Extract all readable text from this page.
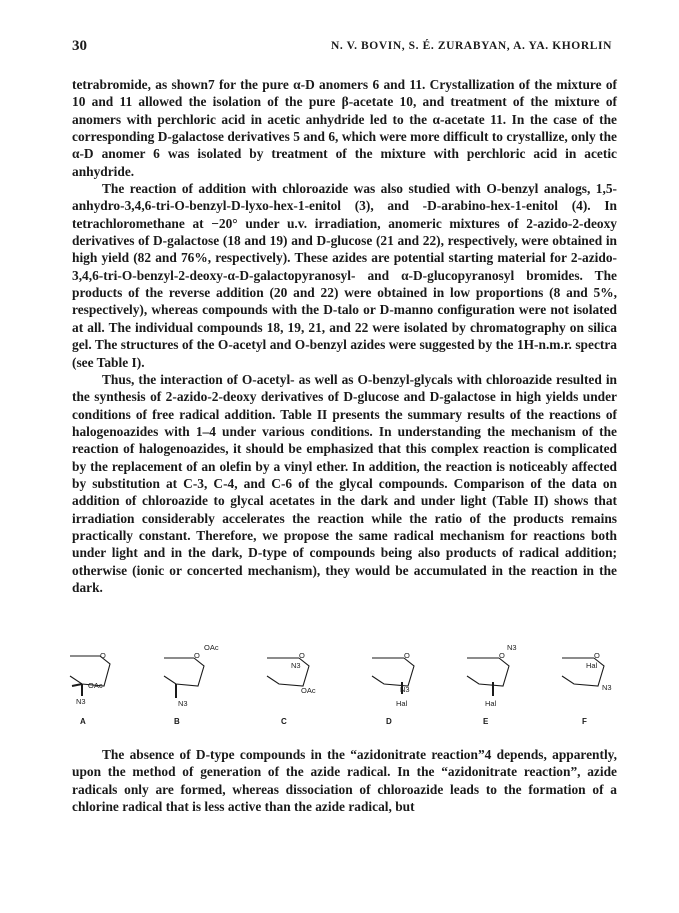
30	N. V. BOVIN, S. É. ZURABYAN, A. YA. KHORLIN

tetrabromide, as shown7 for the pure α-D anomers 6 and 11. Crystallization of the mixture of 10 and 11 allowed the isolation of the pure β-acetate 10, and treatment of the mixture of anomers with perchloric acid in acetic anhydride led to the α-acetate 11. In the case of the corresponding D-galactose derivatives 5 and 6, which were more difficult to crystallize, only the α-D anomer 6 was isolated by treatment of the mixture with perchloric acid in acetic anhydride.

The reaction of addition with chloroazide was also studied with O-benzyl analogs, 1,5-anhydro-3,4,6-tri-O-benzyl-D-lyxo-hex-1-enitol (3), and -D-arabino-hex-1-enitol (4). In tetrachloromethane at −20° under u.v. irradiation, anomeric mixtures of 2-azido-2-deoxy derivatives of D-galactose (18 and 19) and D-glucose (21 and 22), respectively, were obtained in high yield (82 and 76%, respectively). These azides are potential starting material for 2-azido-3,4,6-tri-O-benzyl-2-deoxy-α-D-galactopyranosyl- and α-D-glucopyranosyl bromides. The products of the reverse addition (20 and 22) were obtained in low proportions (8 and 5%, respectively), whereas compounds with the D-talo or D-manno configuration were not isolated at all. The individual compounds 18, 19, 21, and 22 were isolated by chromatography on silica gel. The structures of the O-acetyl and O-benzyl azides were suggested by the 1H-n.m.r. spectra (see Table I).

Thus, the interaction of O-acetyl- as well as O-benzyl-glycals with chloroazide resulted in the synthesis of 2-azido-2-deoxy derivatives of D-glucose and D-galactose in high yields under conditions of free radical addition. Table II presents the summary results of the reactions of halogenoazides with 1–4 under various conditions. In understanding the mechanism of the reaction of halogenoazides, it should be emphasized that this complex reaction is complicated by the replacement of an olefin by a vinyl ether. In addition, the reaction is noticeably affected by substitution at C-3, C-4, and C-6 of the glycal compounds. Comparison of the data on addition of chloroazide to glycal acetates in the dark and under light (Table II) shows that irradiation considerably accelerates the reaction while the ratio of the products remains practically constant. Therefore, we propose the same radical mechanism for reactions both under light and in the dark, D-type of compounds being also products of radical addition; otherwise (ionic or concerted mechanism), they would be accumulated in the reaction in the dark.

O
OAc
N3
A
O
OAc
N3
B
O
N3
OAc
C
O
N3
Hal
D
O
N3
Hal
E
O
Hal
N3
F

The absence of D-type compounds in the “azidonitrate reaction”4 depends, apparently, upon the method of generation of the azide radical. In the “azidonitrate reaction”, azide radicals only are formed, whereas dissociation of chloroazide leads to the formation of a chlorine radical that is less active than the azide radical, but
